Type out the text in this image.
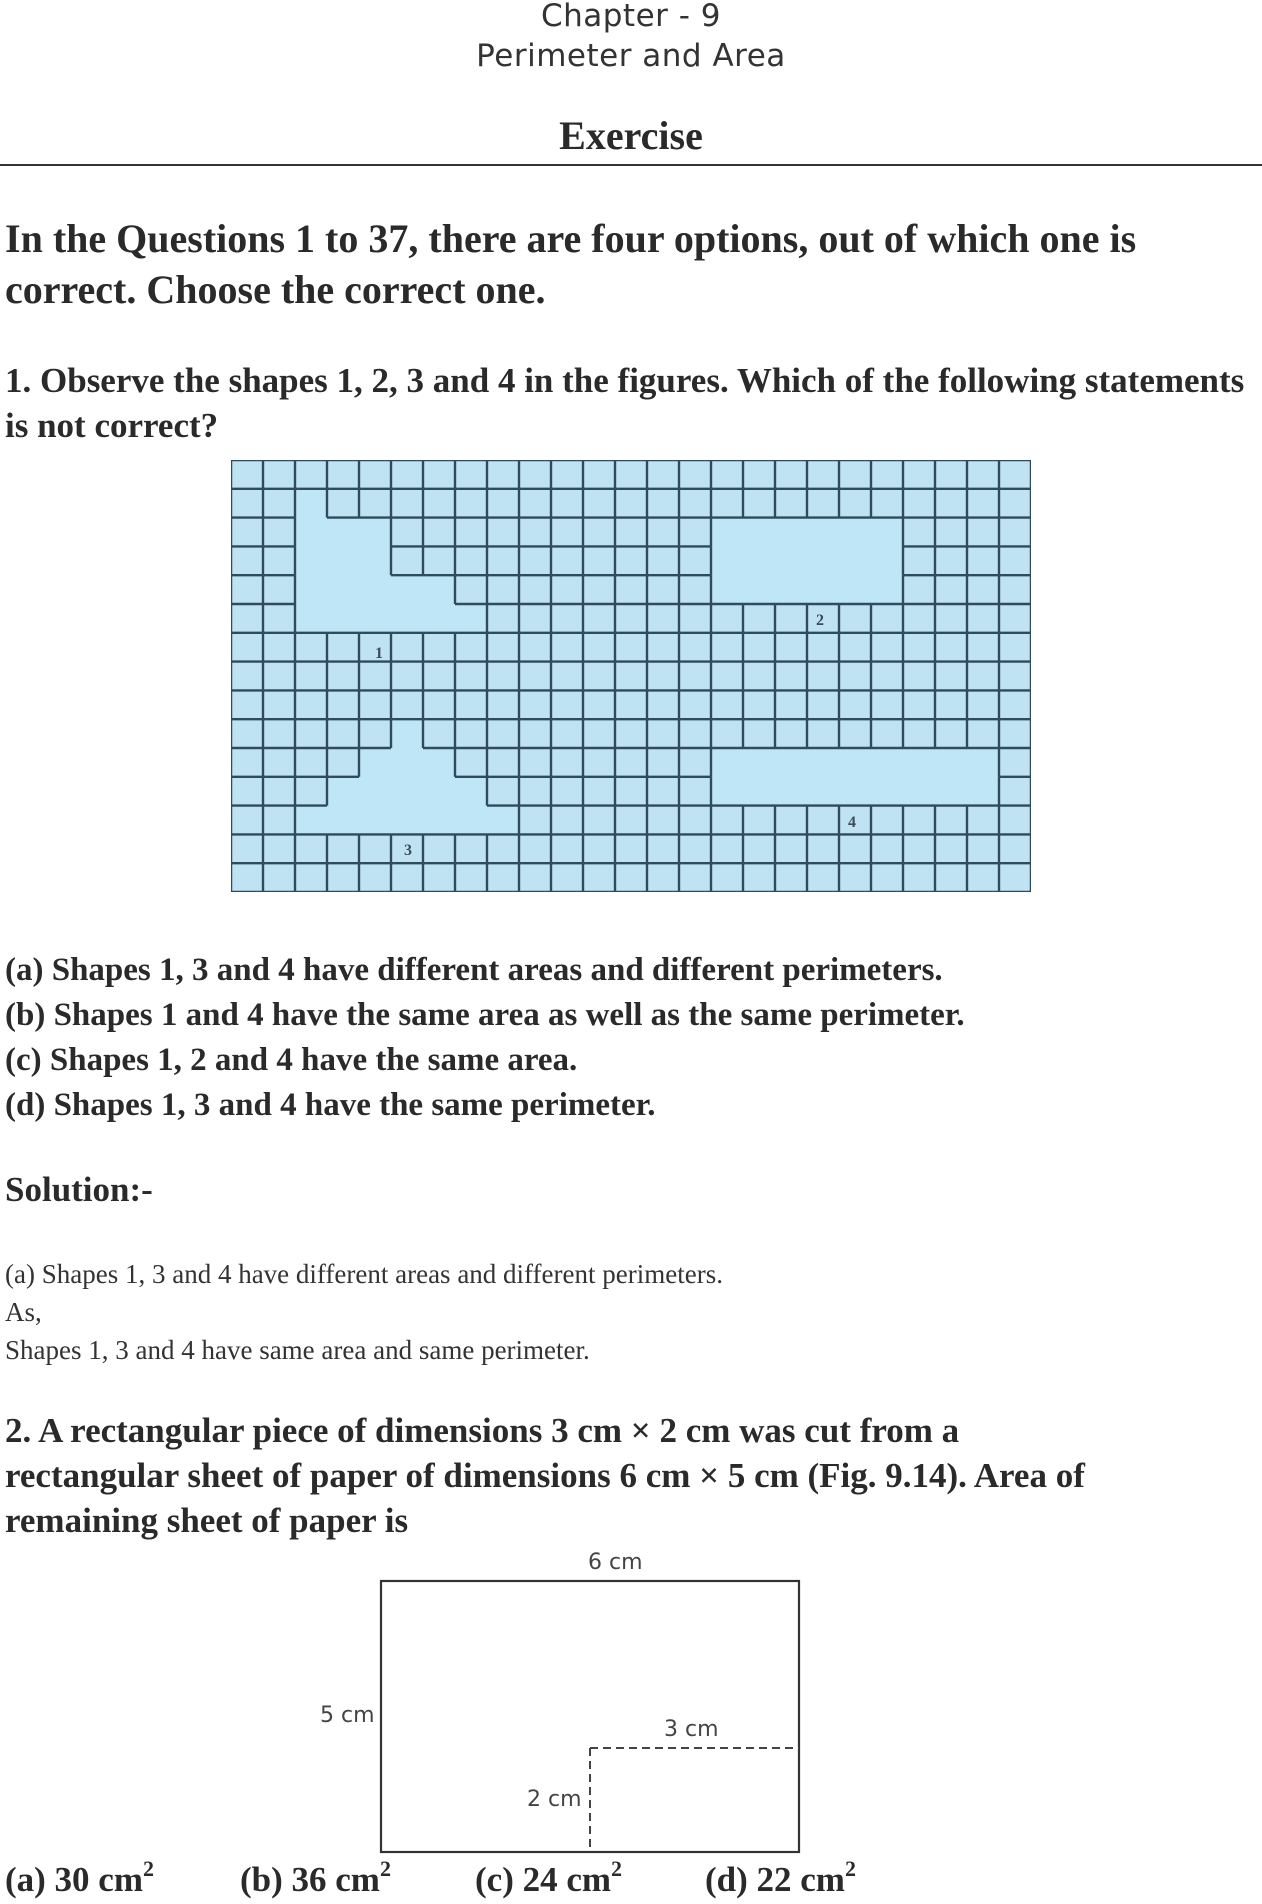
Chapter - 9
Perimeter and Area
Exercise
In the Questions 1 to 37, there are four options, out of which one is correct. Choose the correct one.
1. Observe the shapes 1, 2, 3 and 4 in the figures. Which of the following statements is not correct?
1
2
3
4
(a) Shapes 1, 3 and 4 have different areas and different perimeters.
(b) Shapes 1 and 4 have the same area as well as the same perimeter.
(c) Shapes 1, 2 and 4 have the same area.
(d) Shapes 1, 3 and 4 have the same perimeter.
Solution:-
(a) Shapes 1, 3 and 4 have different areas and different perimeters.
As,
Shapes 1, 3 and 4 have same area and same perimeter.
2. A rectangular piece of dimensions 3 cm × 2 cm was cut from a rectangular sheet of paper of dimensions 6 cm × 5 cm (Fig. 9.14). Area of remaining sheet of paper is
6 cm
5 cm
3 cm
2 cm
(a) 30 $cm^2$ (b) 36 $cm^2$ (c) 24 $cm^2$ (d) 22 $cm^2$
